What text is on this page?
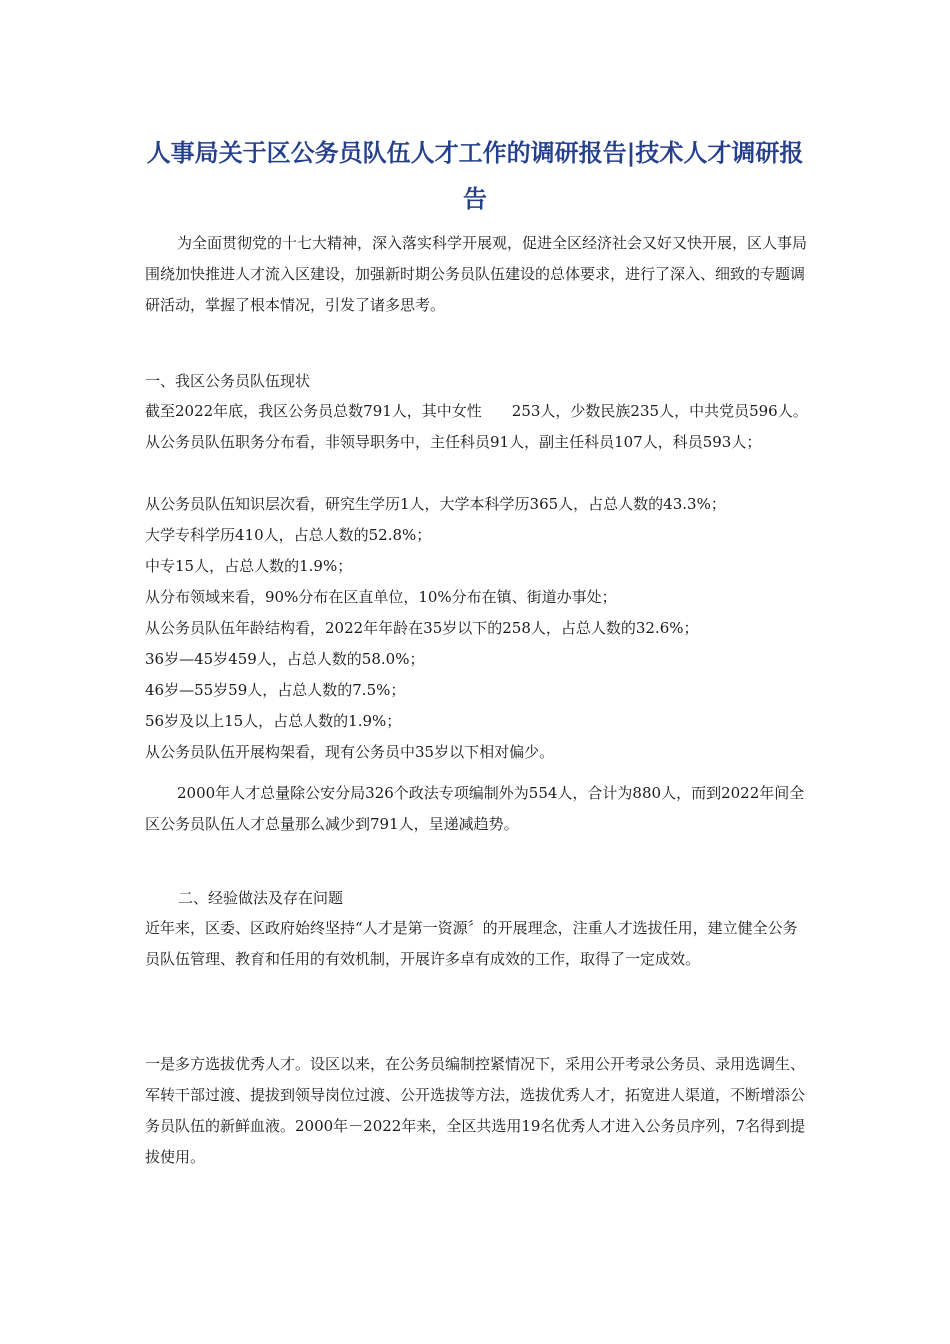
人事局关于区公务员队伍人才工作的调研报告|技术人才调研报告

为全面贯彻党的十七大精神，深入落实科学开展观，促进全区经济社会又好又快开展，区人事局围绕加快推进人才流入区建设，加强新时期公务员队伍建设的总体要求，进行了深入、细致的专题调研活动，掌握了根本情况，引发了诸多思考。

一、我区公务员队伍现状

截至2022年底，我区公务员总数791人，其中女性　　253人，少数民族235人，中共党员596人。从公务员队伍职务分布看，非领导职务中，主任科员91人，副主任科员107人，科员593人；

从公务员队伍知识层次看，研究生学历1人，大学本科学历365人，占总人数的43.3%；

大学专科学历410人，占总人数的52.8%；

中专15人，占总人数的1.9%；

从分布领域来看，90%分布在区直单位，10%分布在镇、街道办事处；

从公务员队伍年龄结构看，2022年年龄在35岁以下的258人，占总人数的32.6%；

36岁—45岁459人，占总人数的58.0%；

46岁—55岁59人，占总人数的7.5%；

56岁及以上15人，占总人数的1.9%；

从公务员队伍开展构架看，现有公务员中35岁以下相对偏少。

2000年人才总量除公安分局326个政法专项编制外为554人，合计为880人，而到2022年间全区公务员队伍人才总量那么减少到791人，呈递减趋势。

二、经验做法及存在问题

近年来，区委、区政府始终坚持“人才是第一资源〞的开展理念，注重人才选拔任用，建立健全公务员队伍管理、教育和任用的有效机制，开展许多卓有成效的工作，取得了一定成效。

一是多方选拔优秀人才。设区以来，在公务员编制控紧情况下，采用公开考录公务员、录用选调生、军转干部过渡、提拔到领导岗位过渡、公开选拔等方法，选拔优秀人才，拓宽进人渠道，不断增添公务员队伍的新鲜血液。2000年－2022年来，全区共选用19名优秀人才进入公务员序列，7名得到提拔使用。
